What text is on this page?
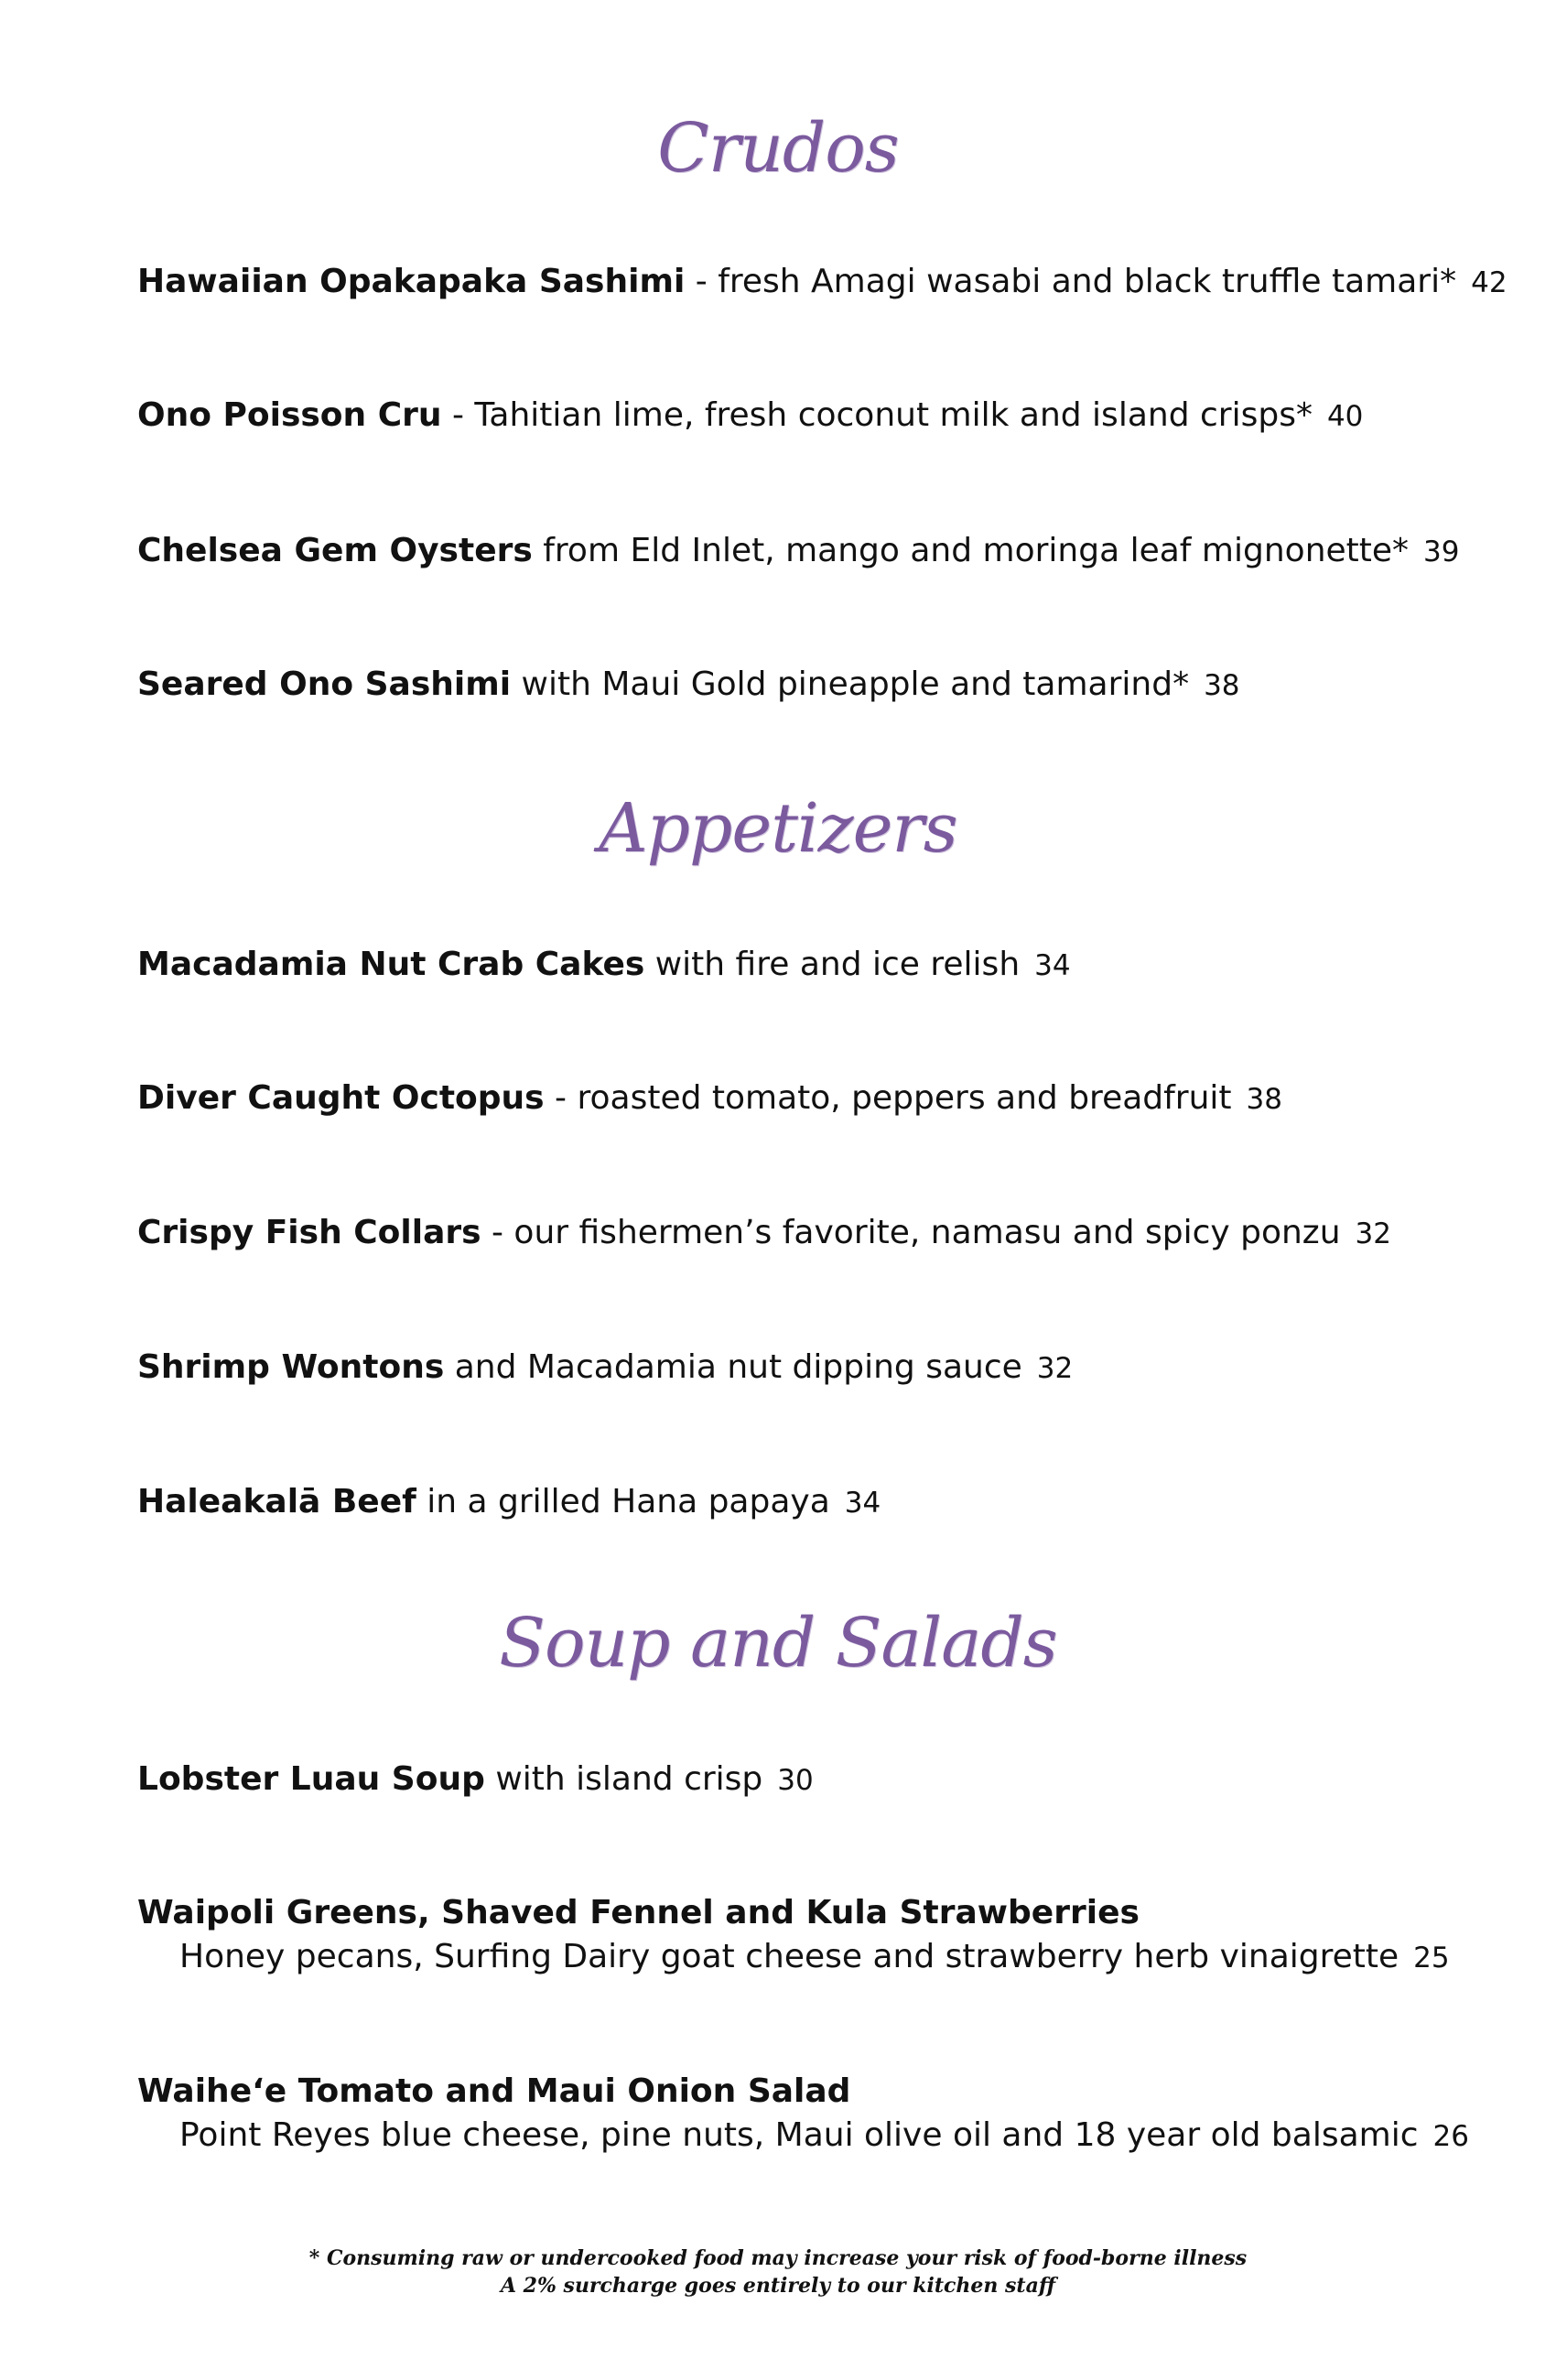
Crudos
Hawaiian Opakapaka Sashimi - fresh Amagi wasabi and black truffle tamari* 42
Ono Poisson Cru - Tahitian lime, fresh coconut milk and island crisps* 40
Chelsea Gem Oysters from Eld Inlet, mango and moringa leaf mignonette* 39
Seared Ono Sashimi with Maui Gold pineapple and tamarind* 38
Appetizers
Macadamia Nut Crab Cakes with fire and ice relish 34
Diver Caught Octopus - roasted tomato, peppers and breadfruit 38
Crispy Fish Collars - our fishermen’s favorite, namasu and spicy ponzu 32
Shrimp Wontons and Macadamia nut dipping sauce 32
Haleakalā Beef in a grilled Hana papaya 34
Soup and Salads
Lobster Luau Soup with island crisp 30
Waipoli Greens, Shaved Fennel and Kula Strawberries
Honey pecans, Surfing Dairy goat cheese and strawberry herb vinaigrette 25
Waihe‘e Tomato and Maui Onion Salad
Point Reyes blue cheese, pine nuts, Maui olive oil and 18 year old balsamic 26
* Consuming raw or undercooked food may increase your risk of food-borne illness
A 2% surcharge goes entirely to our kitchen staff
